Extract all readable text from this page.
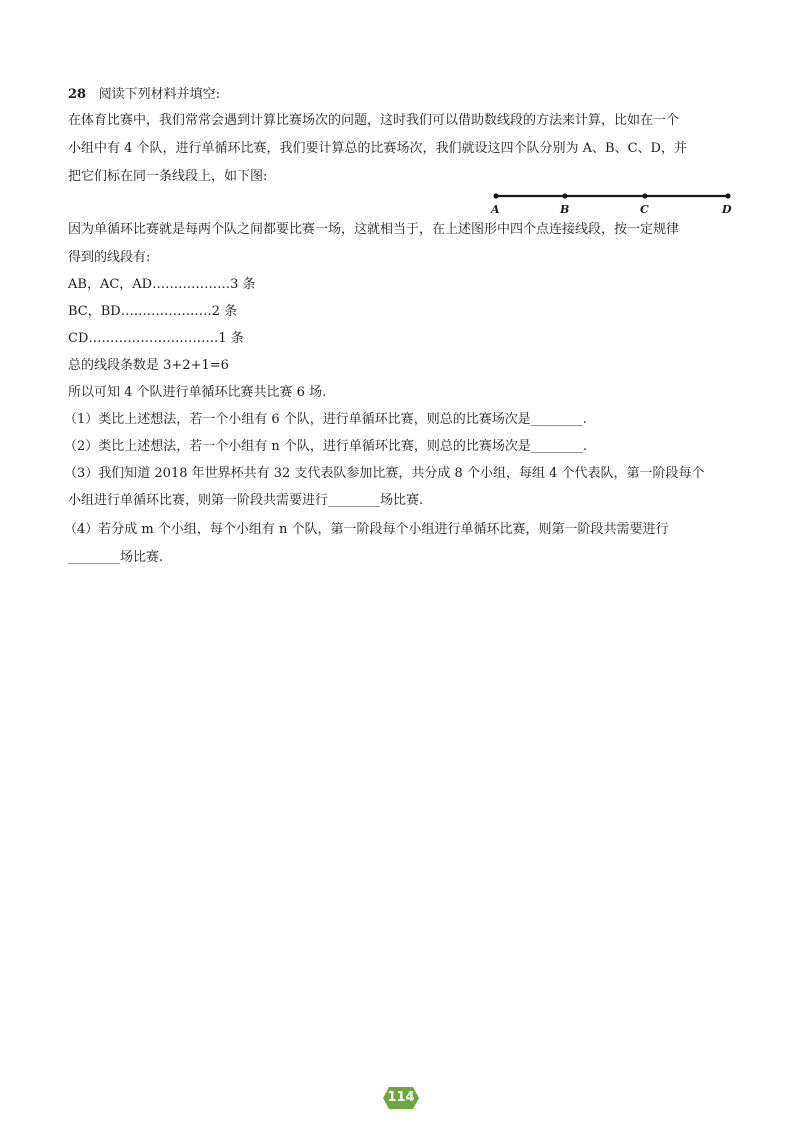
28 阅读下列材料并填空:
在体育比赛中，我们常常会遇到计算比赛场次的问题，这时我们可以借助数线段的方法来计算，比如在一个
小组中有 4 个队，进行单循环比赛，我们要计算总的比赛场次，我们就设这四个队分别为 A、B、C、D，并
把它们标在同一条线段上，如下图:
A	B	C	D
因为单循环比赛就是每两个队之间都要比赛一场，这就相当于，在上述图形中四个点连接线段，按一定规律
得到的线段有:
AB，AC，AD………………3 条
BC，BD…………………2 条
CD…………………………1 条
总的线段条数是 3+2+1=6
所以可知 4 个队进行单循环比赛共比赛 6 场.
（1）类比上述想法，若一个小组有 6 个队，进行单循环比赛，则总的比赛场次是________.
（2）类比上述想法，若一个小组有 n 个队，进行单循环比赛，则总的比赛场次是________.
（3）我们知道 2018 年世界杯共有 32 支代表队参加比赛，共分成 8 个小组，每组 4 个代表队，第一阶段每个
小组进行单循环比赛，则第一阶段共需要进行________场比赛.
（4）若分成 m 个小组，每个小组有 n 个队，第一阶段每个小组进行单循环比赛，则第一阶段共需要进行
________场比赛.
114
